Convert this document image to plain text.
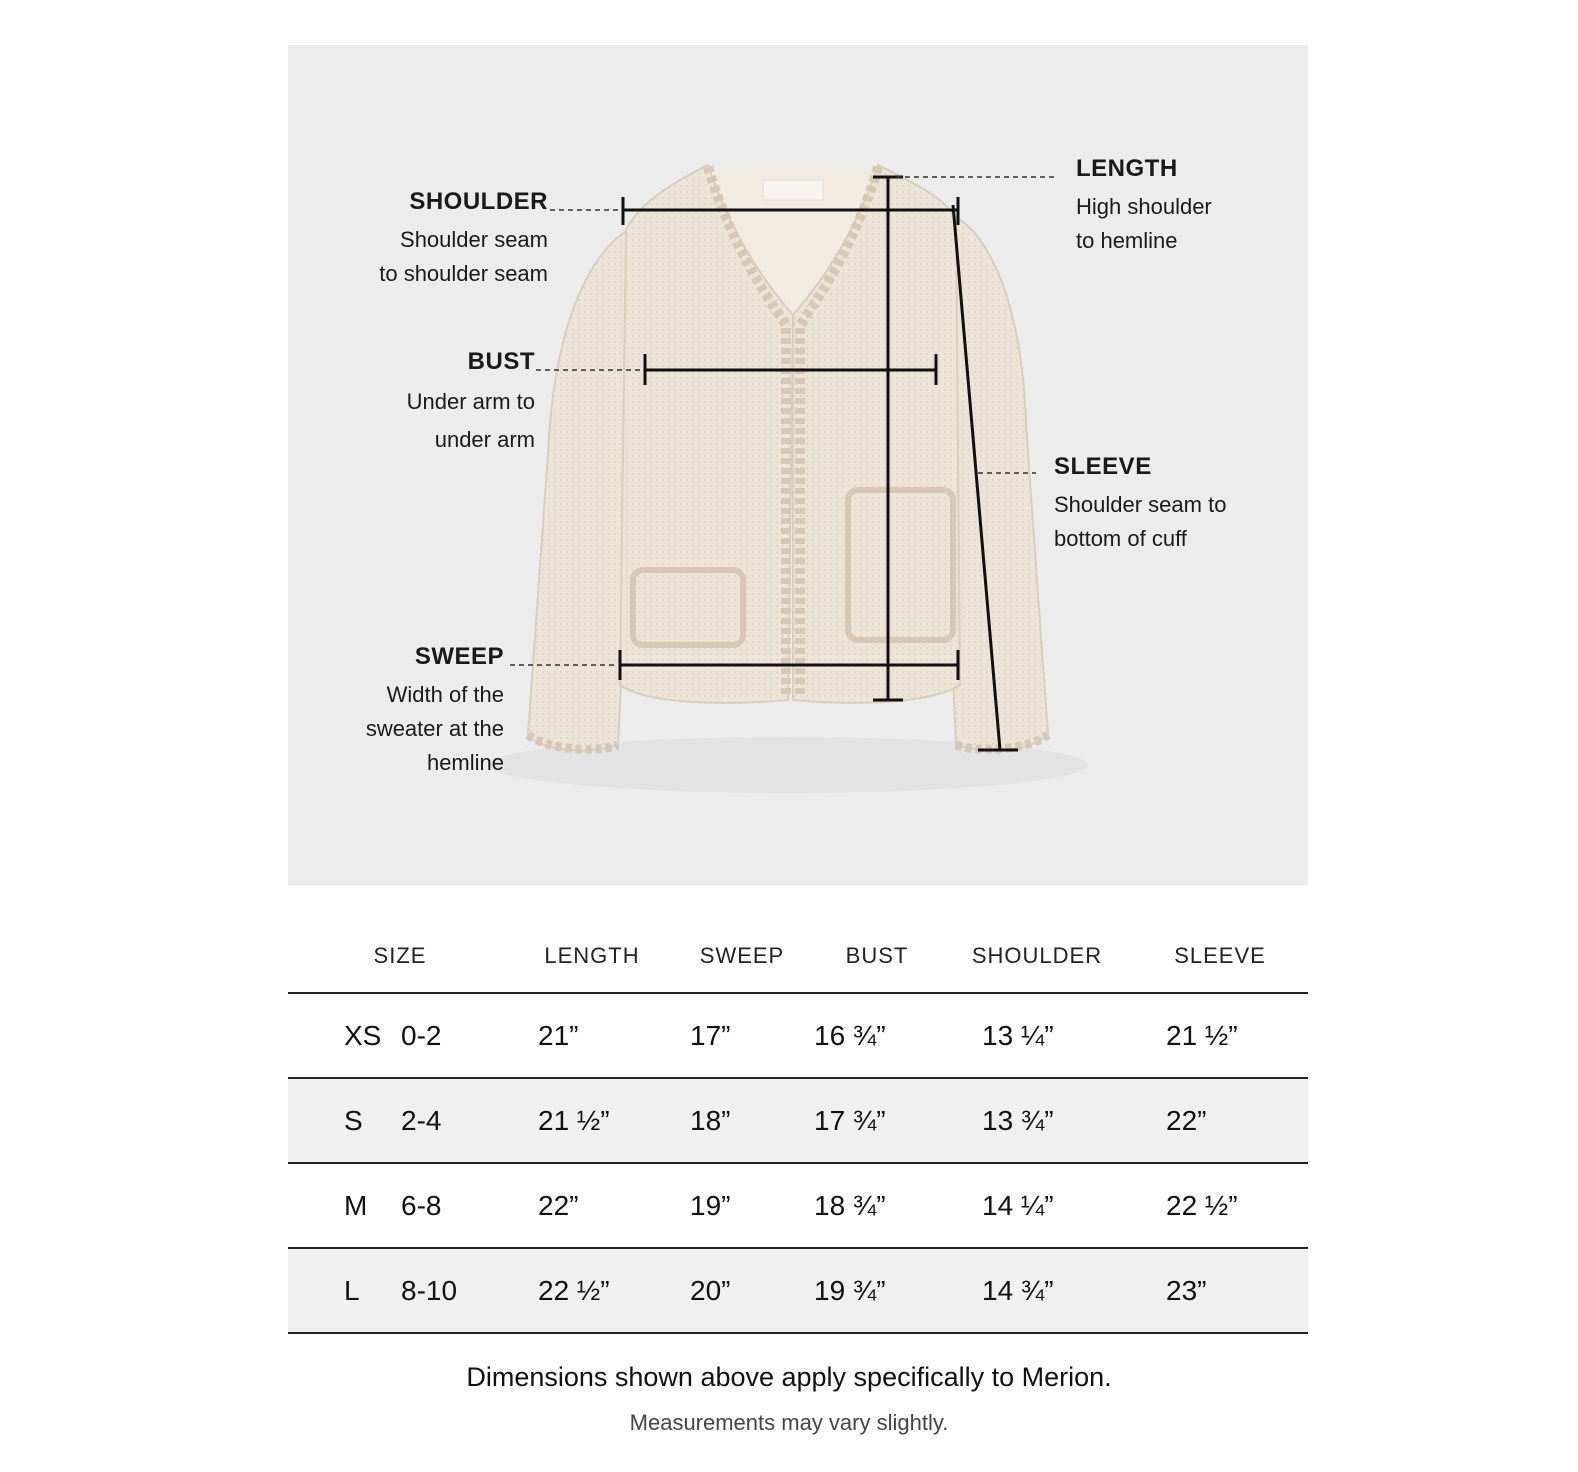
SHOULDER
Shoulder seam
to shoulder seam
BUST
Under arm to
under arm
SWEEP
Width of the
sweater at the
hemline
LENGTH
High shoulder
to hemline
SLEEVE
Shoulder seam to
bottom of cuff
SIZE	LENGTH	SWEEP	BUST	SHOULDER	SLEEVE

XS 0-2	21”	17”	16 ¾”	13 ¼”	21 ½”

S 2-4	21 ½”	18”	17 ¾”	13 ¾”	22”

M 6-8	22”	19”	18 ¾”	14 ¼”	22 ½”

L 8-10	22 ½”	20”	19 ¾”	14 ¾”	23”
Dimensions shown above apply specifically to Merion.
Measurements may vary slightly.
